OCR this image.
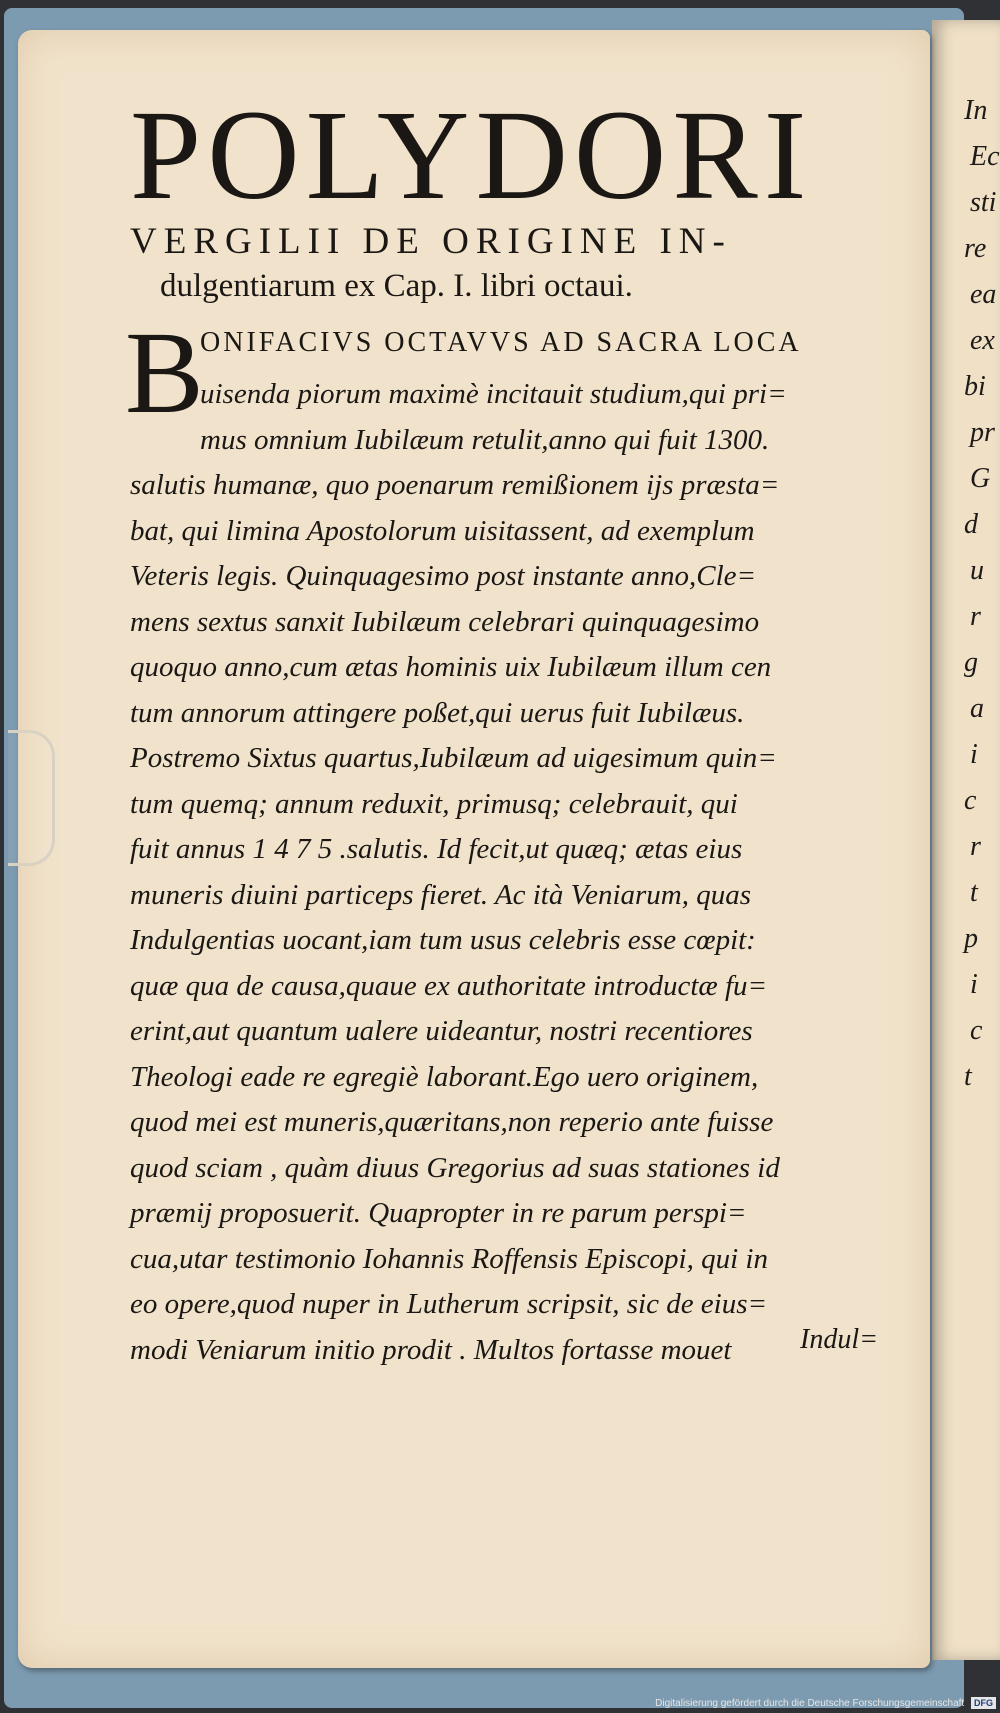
In
Ec
sti
re
ea
ex
bi
pr
G
d
u
r
g
a
i
c
r
t
p
i
c
t
POLYDORI
VERGILII DE ORIGINE IN-
dulgentiarum ex Cap. I. libri octaui.
B
ONIFACIVS OCTAVVS AD SACRA LOCA
uisenda piorum maximè incitauit studium,qui pri=
mus omnium Iubilæum retulit,anno qui fuit 1300.
salutis humanæ, quo poenarum remißionem ijs præsta=
bat, qui limina Apostolorum uisitassent, ad exemplum
Veteris legis. Quinquagesimo post instante anno,Cle=
mens sextus sanxit Iubilæum celebrari quinquagesimo
quoquo anno,cum ætas hominis uix Iubilæum illum cen
tum annorum attingere poßet,qui uerus fuit Iubilæus.
Postremo Sixtus quartus,Iubilæum ad uigesimum quin=
tum quemq; annum reduxit, primusq; celebrauit, qui
fuit annus 1 4 7 5 .salutis. Id fecit,ut quæq; ætas eius
muneris diuini particeps fieret. Ac ità Veniarum, quas
Indulgentias uocant,iam tum usus celebris esse cœpit:
quæ qua de causa,quaue ex authoritate introductæ fu=
erint,aut quantum ualere uideantur, nostri recentiores
Theologi eade re egregiè laborant.Ego uero originem,
quod mei est muneris,quæritans,non reperio ante fuisse
quod sciam , quàm diuus Gregorius ad suas stationes id
præmij proposuerit. Quapropter in re parum perspi=
cua,utar testimonio Iohannis Roffensis Episcopi, qui in
eo opere,quod nuper in Lutherum scripsit, sic de eius=
modi Veniarum initio prodit . Multos fortasse mouet Indul=
Digitalisierung gefördert durch die Deutsche Forschungsgemeinschaft DFG
